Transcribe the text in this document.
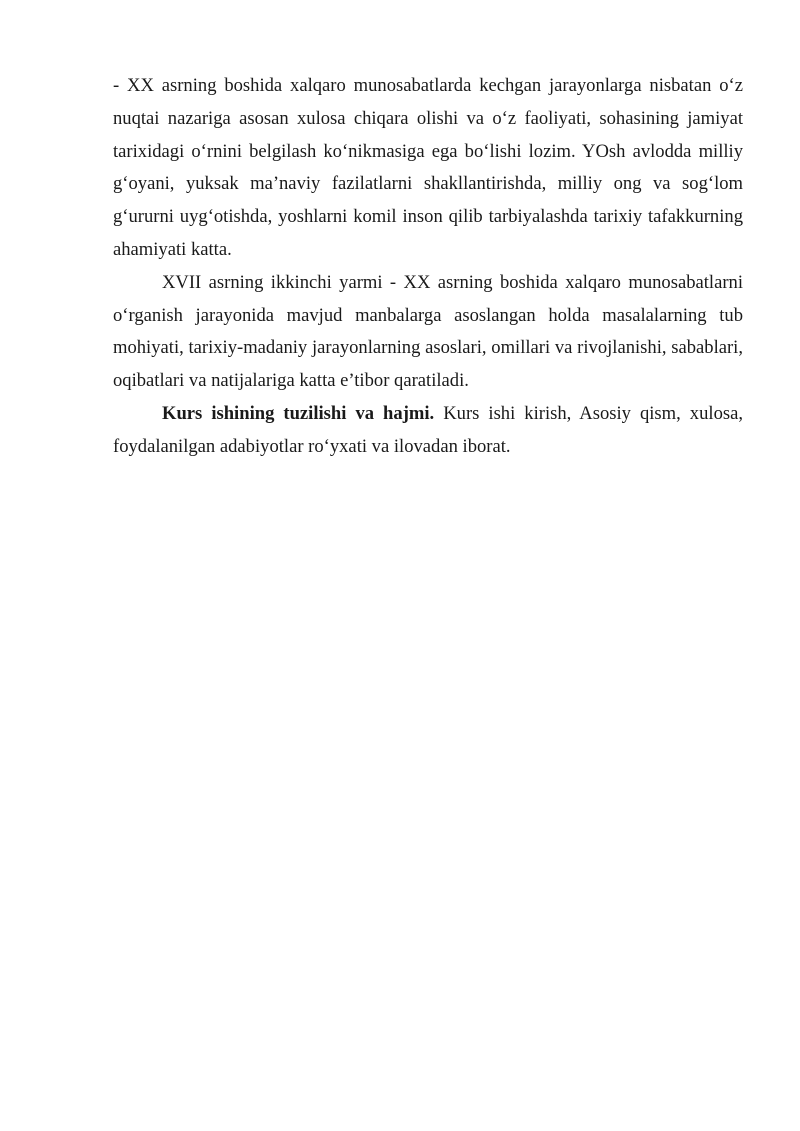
- XX asrning boshida xalqaro munosabatlarda kechgan jarayonlarga nisbatan o‘z nuqtai nazariga asosan xulosa chiqara olishi va o‘z faoliyati, sohasining jamiyat tarixidagi o‘rnini belgilash ko‘nikmasiga ega bo‘lishi lozim. YOsh avlodda milliy g‘oyani, yuksak ma’naviy fazilatlarni shakllantirishda, milliy ong va sog‘lom g‘ururni uyg‘otishda, yoshlarni komil inson qilib tarbiyalashda tarixiy tafakkurning ahamiyati katta.

XVII asrning ikkinchi yarmi - XX asrning boshida xalqaro munosabatlarni o‘rganish jarayonida mavjud manbalarga asoslangan holda masalalarning tub mohiyati, tarixiy-madaniy jarayonlarning asoslari, omillari va rivojlanishi, sabablari, oqibatlari va natijalariga katta e’tibor qaratiladi.

Kurs ishining tuzilishi va hajmi. Kurs ishi kirish, Asosiy qism, xulosa, foydalanilgan adabiyotlar ro‘yxati va ilovadan iborat.
